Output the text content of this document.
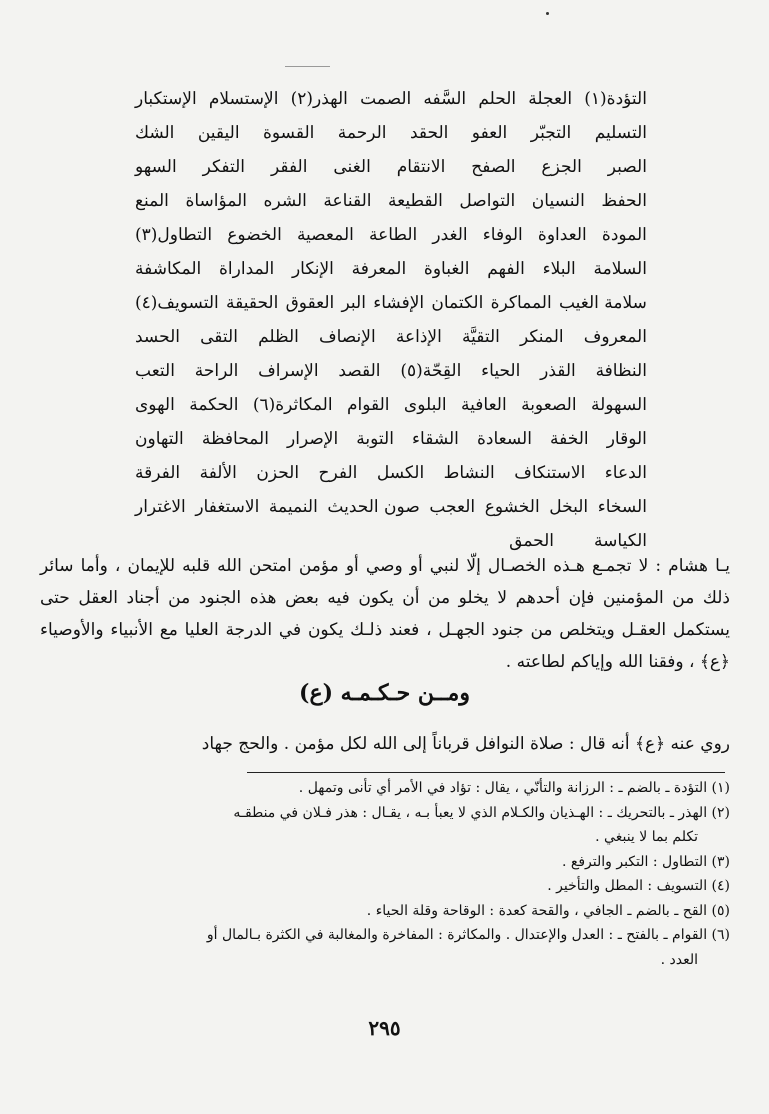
التؤدة(١)
العجلة
الحلم
السَّفه
الصمت
الهذر(٢)
الإستسلام
الإستكبار
التسليم
التجبّر
العفو
الحقد
الرحمة
القسوة
اليقين
الشك
الصبر
الجزع
الصفح
الانتقام
الغنى
الفقر
التفكر
السهو
الحفظ
النسيان
التواصل
القطيعة
القناعة
الشره
المؤاساة
المنع
المودة
العداوة
الوفاء
الغدر
الطاعة
المعصية
الخضوع
التطاول(٣)
السلامة
البلاء
الفهم
الغباوة
المعرفة
الإنكار
المداراة
المكاشفة
سلامة الغيب
المماكرة
الكتمان
الإفشاء
البر
العقوق
الحقيقة
التسويف(٤)
المعروف
المنكر
التقيَّة
الإذاعة
الإنصاف
الظلم
التقى
الحسد
النظافة
القذر
الحياء
القِحّة(٥)
القصد
الإسراف
الراحة
التعب
السهولة
الصعوبة
العافية
البلوى
القوام
المكاثرة(٦)
الحكمة
الهوى
الوقار
الخفة
السعادة
الشقاء
التوبة
الإصرار
المحافظة
التهاون
الدعاء
الاستنكاف
النشاط
الكسل
الفرح
الحزن
الألفة
الفرقة
السخاء
البخل
الخشوع
العجب
صون الحديث
النميمة
الاستغفار
الاغترار
الكياسة
الحمق
يـا هشام : لا تجمـع هـذه الخصـال إلّا لنبي أو وصي أو مؤمن امتحن الله قلبه للإيمان ، وأما سائر ذلك من المؤمنين فإن أحدهم لا يخلو من أن يكون فيه بعض هذه الجنود من أجناد العقل حتى يستكمل العقـل ويتخلص من جنود الجهـل ، فعند ذلـك يكون في الدرجة العليا مع الأنبياء والأوصياء ﴿ع﴾ ، وفقنا الله وإياكم لطاعته .
ومــن حـكـمـه (ع)
روي عنه ﴿ع﴾ أنه قال : صلاة النوافل قرباناً إلى الله لكل مؤمن . والحج جهاد
(١) التؤدة ـ بالضم ـ : الرزانة والتأنّي ، يقال : تؤاد في الأمر أي تأنى وتمهل .
(٢) الهذر ـ بالتحريك ـ : الهـذيان والكـلام الذي لا يعبأ بـه ، يقـال : هذر فـلان في منطقـه
تكلم بما لا ينبغي .
(٣) التطاول : التكبر والترفع .
(٤) التسويف : المطل والتأخير .
(٥) القح ـ بالضم ـ الجافي ، والقحة كعدة : الوقاحة وقلة الحياء .
(٦) القوام ـ بالفتح ـ : العدل والإعتدال . والمكاثرة : المفاخرة والمغالبة في الكثرة بـالمال أو
العدد .
٢٩٥
